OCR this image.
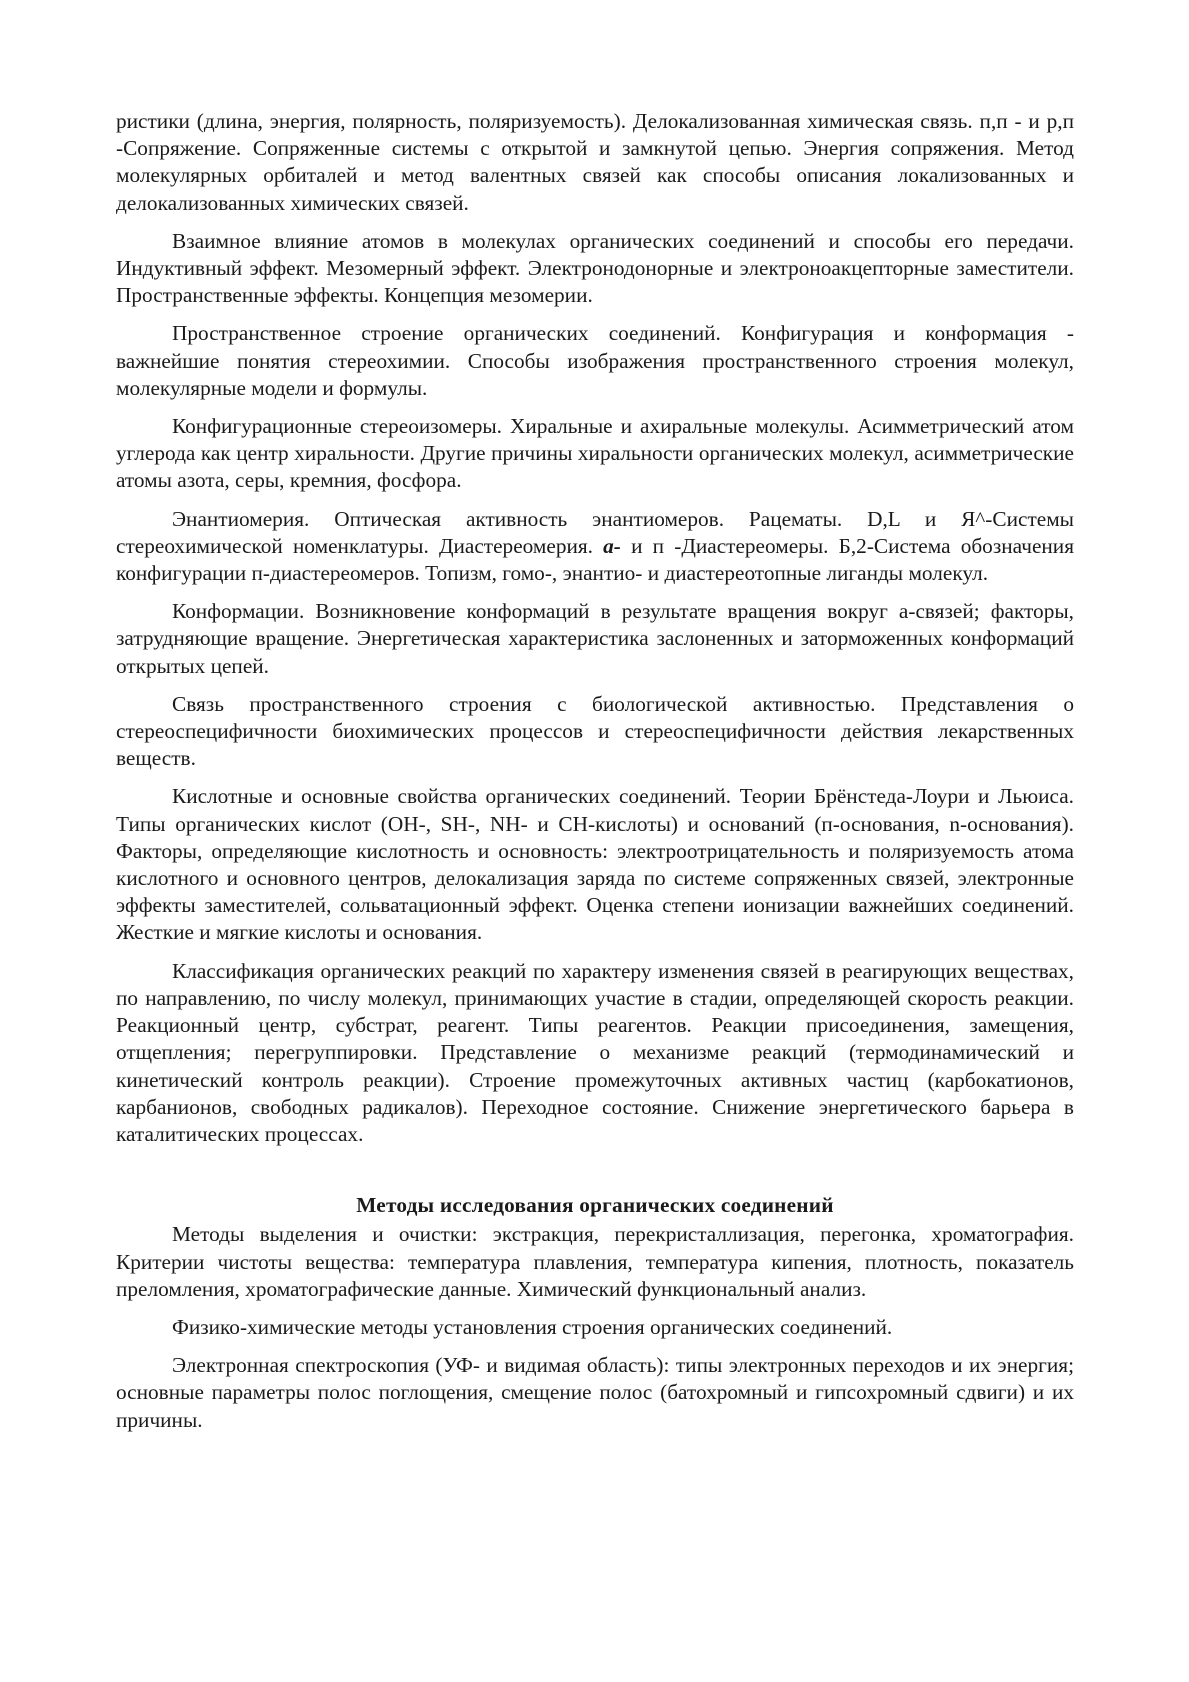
ристики (длина, энергия, полярность, поляризуемость). Делокализованная химическая связь. п,п - и р,п -Сопряжение. Сопряженные системы с открытой и замкнутой цепью. Энергия сопряжения. Метод молекулярных орбиталей и метод валентных связей как способы описания локализованных и делокализованных химических связей.

Взаимное влияние атомов в молекулах органических соединений и способы его передачи. Индуктивный эффект. Мезомерный эффект. Электронодонорные и электроноакцепторные заместители. Пространственные эффекты. Концепция мезомерии.

Пространственное строение органических соединений. Конфигурация и конформация - важнейшие понятия стереохимии. Способы изображения пространственного строения молекул, молекулярные модели и формулы.

Конфигурационные стереоизомеры. Хиральные и ахиральные молекулы. Асимметрический атом углерода как центр хиральности. Другие причины хиральности органических молекул, асимметрические атомы азота, серы, кремния, фосфора.

Энантиомерия. Оптическая активность энантиомеров. Рацематы. D,L и Я^-Системы стереохимической номенклатуры. Диастереомерия. а- и п -Диастереомеры. Б,2-Система обозначения конфигурации п-диастереомеров. Топизм, гомо-, энантио- и диастереотопные лиганды молекул.

Конформации. Возникновение конформаций в результате вращения вокруг а-связей; факторы, затрудняющие вращение. Энергетическая характеристика заслоненных и заторможенных конформаций открытых цепей.

Связь пространственного строения с биологической активностью. Представления о стереоспецифичности биохимических процессов и стереоспецифичности действия лекарственных веществ.

Кислотные и основные свойства органических соединений. Теории Брёнстеда-Лоури и Льюиса. Типы органических кислот (ОН-, SH-, NH- и СН-кислоты) и оснований (п-основания, n-основания). Факторы, определяющие кислотность и основность: электроотрицательность и поляризуемость атома кислотного и основного центров, делокализация заряда по системе сопряженных связей, электронные эффекты заместителей, сольватационный эффект. Оценка степени ионизации важнейших соединений. Жесткие и мягкие кислоты и основания.

Классификация органических реакций по характеру изменения связей в реагирующих веществах, по направлению, по числу молекул, принимающих участие в стадии, определяющей скорость реакции. Реакционный центр, субстрат, реагент. Типы реагентов. Реакции присоединения, замещения, отщепления; перегруппировки. Представление о механизме реакций (термодинамический и кинетический контроль реакции). Строение промежуточных активных частиц (карбокатионов, карбанионов, свободных радикалов). Переходное состояние. Снижение энергетического барьера в каталитических процессах.

Методы исследования органических соединений

Методы выделения и очистки: экстракция, перекристаллизация, перегонка, хроматография. Критерии чистоты вещества: температура плавления, температура кипения, плотность, показатель преломления, хроматографические данные. Химический функциональный анализ.

Физико-химические методы установления строения органических соединений.

Электронная спектроскопия (УФ- и видимая область): типы электронных переходов и их энергия; основные параметры полос поглощения, смещение полос (батохромный и гипсохромный сдвиги) и их причины.
